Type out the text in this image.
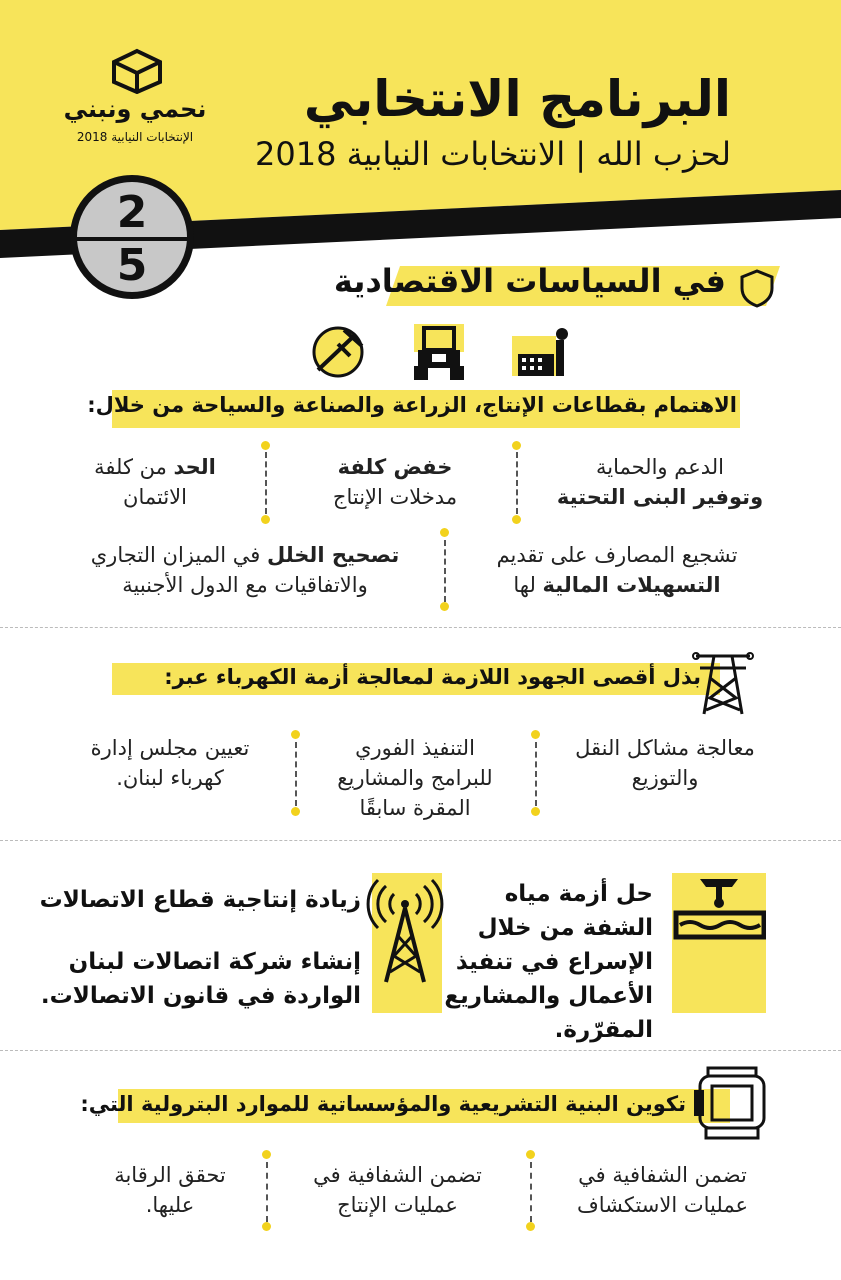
نحمي ونبني
الإنتخابات النيابية 2018
البرنامج الانتخابي
لحزب الله | الانتخابات النيابية 2018
2
5	في السياسات الاقتصادية
الاهتمام بقطاعات الإنتاج، الزراعة والصناعة والسياحة من خلال:
الدعم والحماية
وتوفير البنى التحتية
خفض كلفة
مدخلات الإنتاج
الحد من كلفة
الائتمان
تشجيع المصارف على تقديم
التسهيلات المالية لها
تصحيح الخلل في الميزان التجاري
والاتفاقيات مع الدول الأجنبية
بذل أقصى الجهود اللازمة لمعالجة أزمة الكهرباء عبر:
معالجة مشاكل النقل
والتوزيع
التنفيذ الفوري
للبرامج والمشاريع
المقرة سابقًا
تعيين مجلس إدارة
كهرباء لبنان.
حل أزمة مياه
الشفة من خلال
الإسراع في تنفيذ
الأعمال والمشاريع
المقرّرة.
زيادة إنتاجية قطاع الاتصالات
إنشاء شركة اتصالات لبنان
الواردة في قانون الاتصالات.
تكوين البنية التشريعية والمؤسساتية للموارد البترولية التي:
تضمن الشفافية في
عمليات الاستكشاف
تضمن الشفافية في
عمليات الإنتاج
تحقق الرقابة
عليها.
